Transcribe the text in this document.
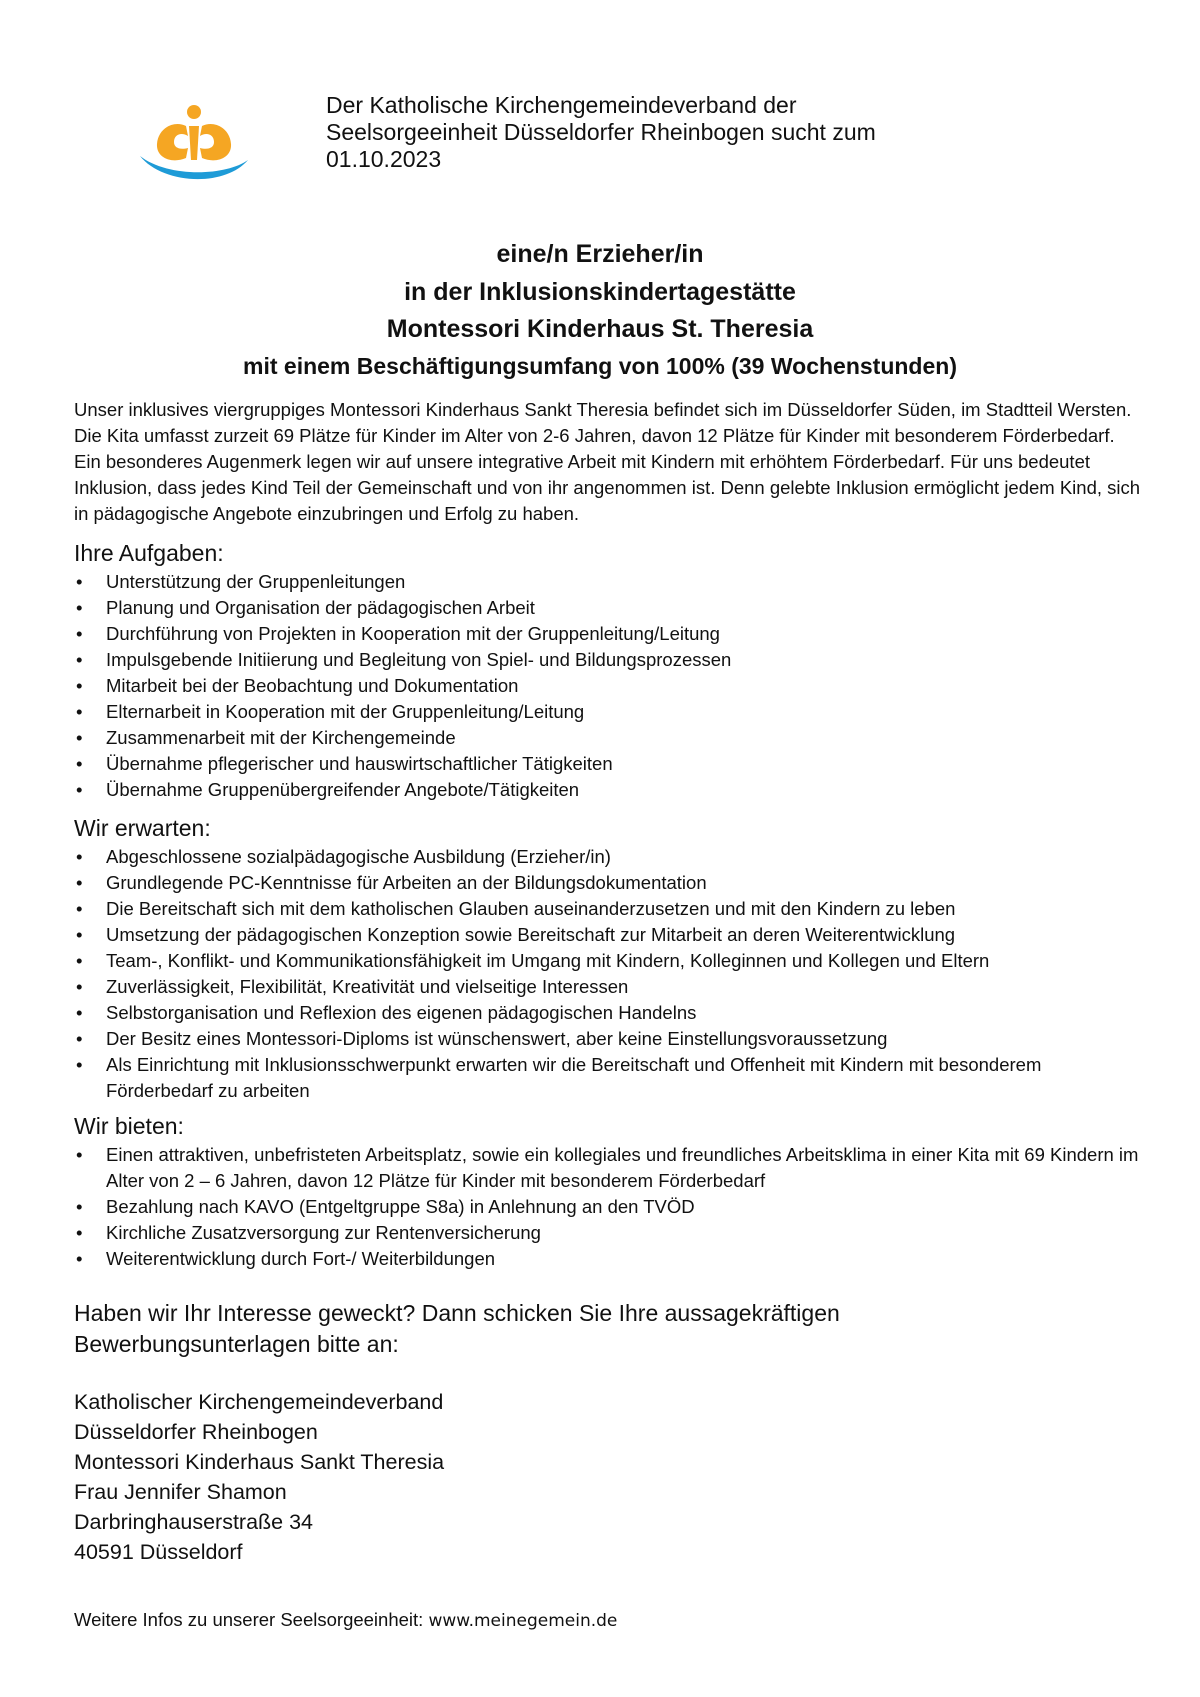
Der Katholische Kirchengemeindeverband der
Seelsorgeeinheit Düsseldorfer Rheinbogen sucht zum
01.10.2023
eine/n Erzieher/in
in der Inklusionskindertagestätte
Montessori Kinderhaus St. Theresia
mit einem Beschäftigungsumfang von 100% (39 Wochenstunden)

Unser inklusives viergruppiges Montessori Kinderhaus Sankt Theresia befindet sich im Düsseldorfer Süden, im Stadtteil Wersten. Die Kita umfasst zurzeit 69 Plätze für Kinder im Alter von 2-6 Jahren, davon 12 Plätze für Kinder mit besonderem Förderbedarf. Ein besonderes Augenmerk legen wir auf unsere integrative Arbeit mit Kindern mit erhöhtem Förderbedarf. Für uns bedeutet Inklusion, dass jedes Kind Teil der Gemeinschaft und von ihr angenommen ist. Denn gelebte Inklusion ermöglicht jedem Kind, sich in pädagogische Angebote einzubringen und Erfolg zu haben.

Ihre Aufgaben:
• Unterstützung der Gruppenleitungen
• Planung und Organisation der pädagogischen Arbeit
• Durchführung von Projekten in Kooperation mit der Gruppenleitung/Leitung
• Impulsgebende Initiierung und Begleitung von Spiel- und Bildungsprozessen
• Mitarbeit bei der Beobachtung und Dokumentation
• Elternarbeit in Kooperation mit der Gruppenleitung/Leitung
• Zusammenarbeit mit der Kirchengemeinde
• Übernahme pflegerischer und hauswirtschaftlicher Tätigkeiten
• Übernahme Gruppenübergreifender Angebote/Tätigkeiten
Wir erwarten:
• Abgeschlossene sozialpädagogische Ausbildung (Erzieher/in)
• Grundlegende PC-Kenntnisse für Arbeiten an der Bildungsdokumentation
• Die Bereitschaft sich mit dem katholischen Glauben auseinanderzusetzen und mit den Kindern zu leben
• Umsetzung der pädagogischen Konzeption sowie Bereitschaft zur Mitarbeit an deren Weiterentwicklung
• Team-, Konflikt- und Kommunikationsfähigkeit im Umgang mit Kindern, Kolleginnen und Kollegen und Eltern
• Zuverlässigkeit, Flexibilität, Kreativität und vielseitige Interessen
• Selbstorganisation und Reflexion des eigenen pädagogischen Handelns
• Der Besitz eines Montessori-Diploms ist wünschenswert, aber keine Einstellungsvoraussetzung
• Als Einrichtung mit Inklusionsschwerpunkt erwarten wir die Bereitschaft und Offenheit mit Kindern mit besonderem Förderbedarf zu arbeiten
Wir bieten:
• Einen attraktiven, unbefristeten Arbeitsplatz, sowie ein kollegiales und freundliches Arbeitsklima in einer Kita mit 69 Kindern im Alter von 2 – 6 Jahren, davon 12 Plätze für Kinder mit besonderem Förderbedarf
• Bezahlung nach KAVO (Entgeltgruppe S8a) in Anlehnung an den TVÖD
• Kirchliche Zusatzversorgung zur Rentenversicherung
• Weiterentwicklung durch Fort-/ Weiterbildungen
Haben wir Ihr Interesse geweckt? Dann schicken Sie Ihre aussagekräftigen
Bewerbungsunterlagen bitte an:
Katholischer Kirchengemeindeverband
Düsseldorfer Rheinbogen
Montessori Kinderhaus Sankt Theresia
Frau Jennifer Shamon
Darbringhauserstraße 34
40591 Düsseldorf
Weitere Infos zu unserer Seelsorgeeinheit: www.meinegemein.de
